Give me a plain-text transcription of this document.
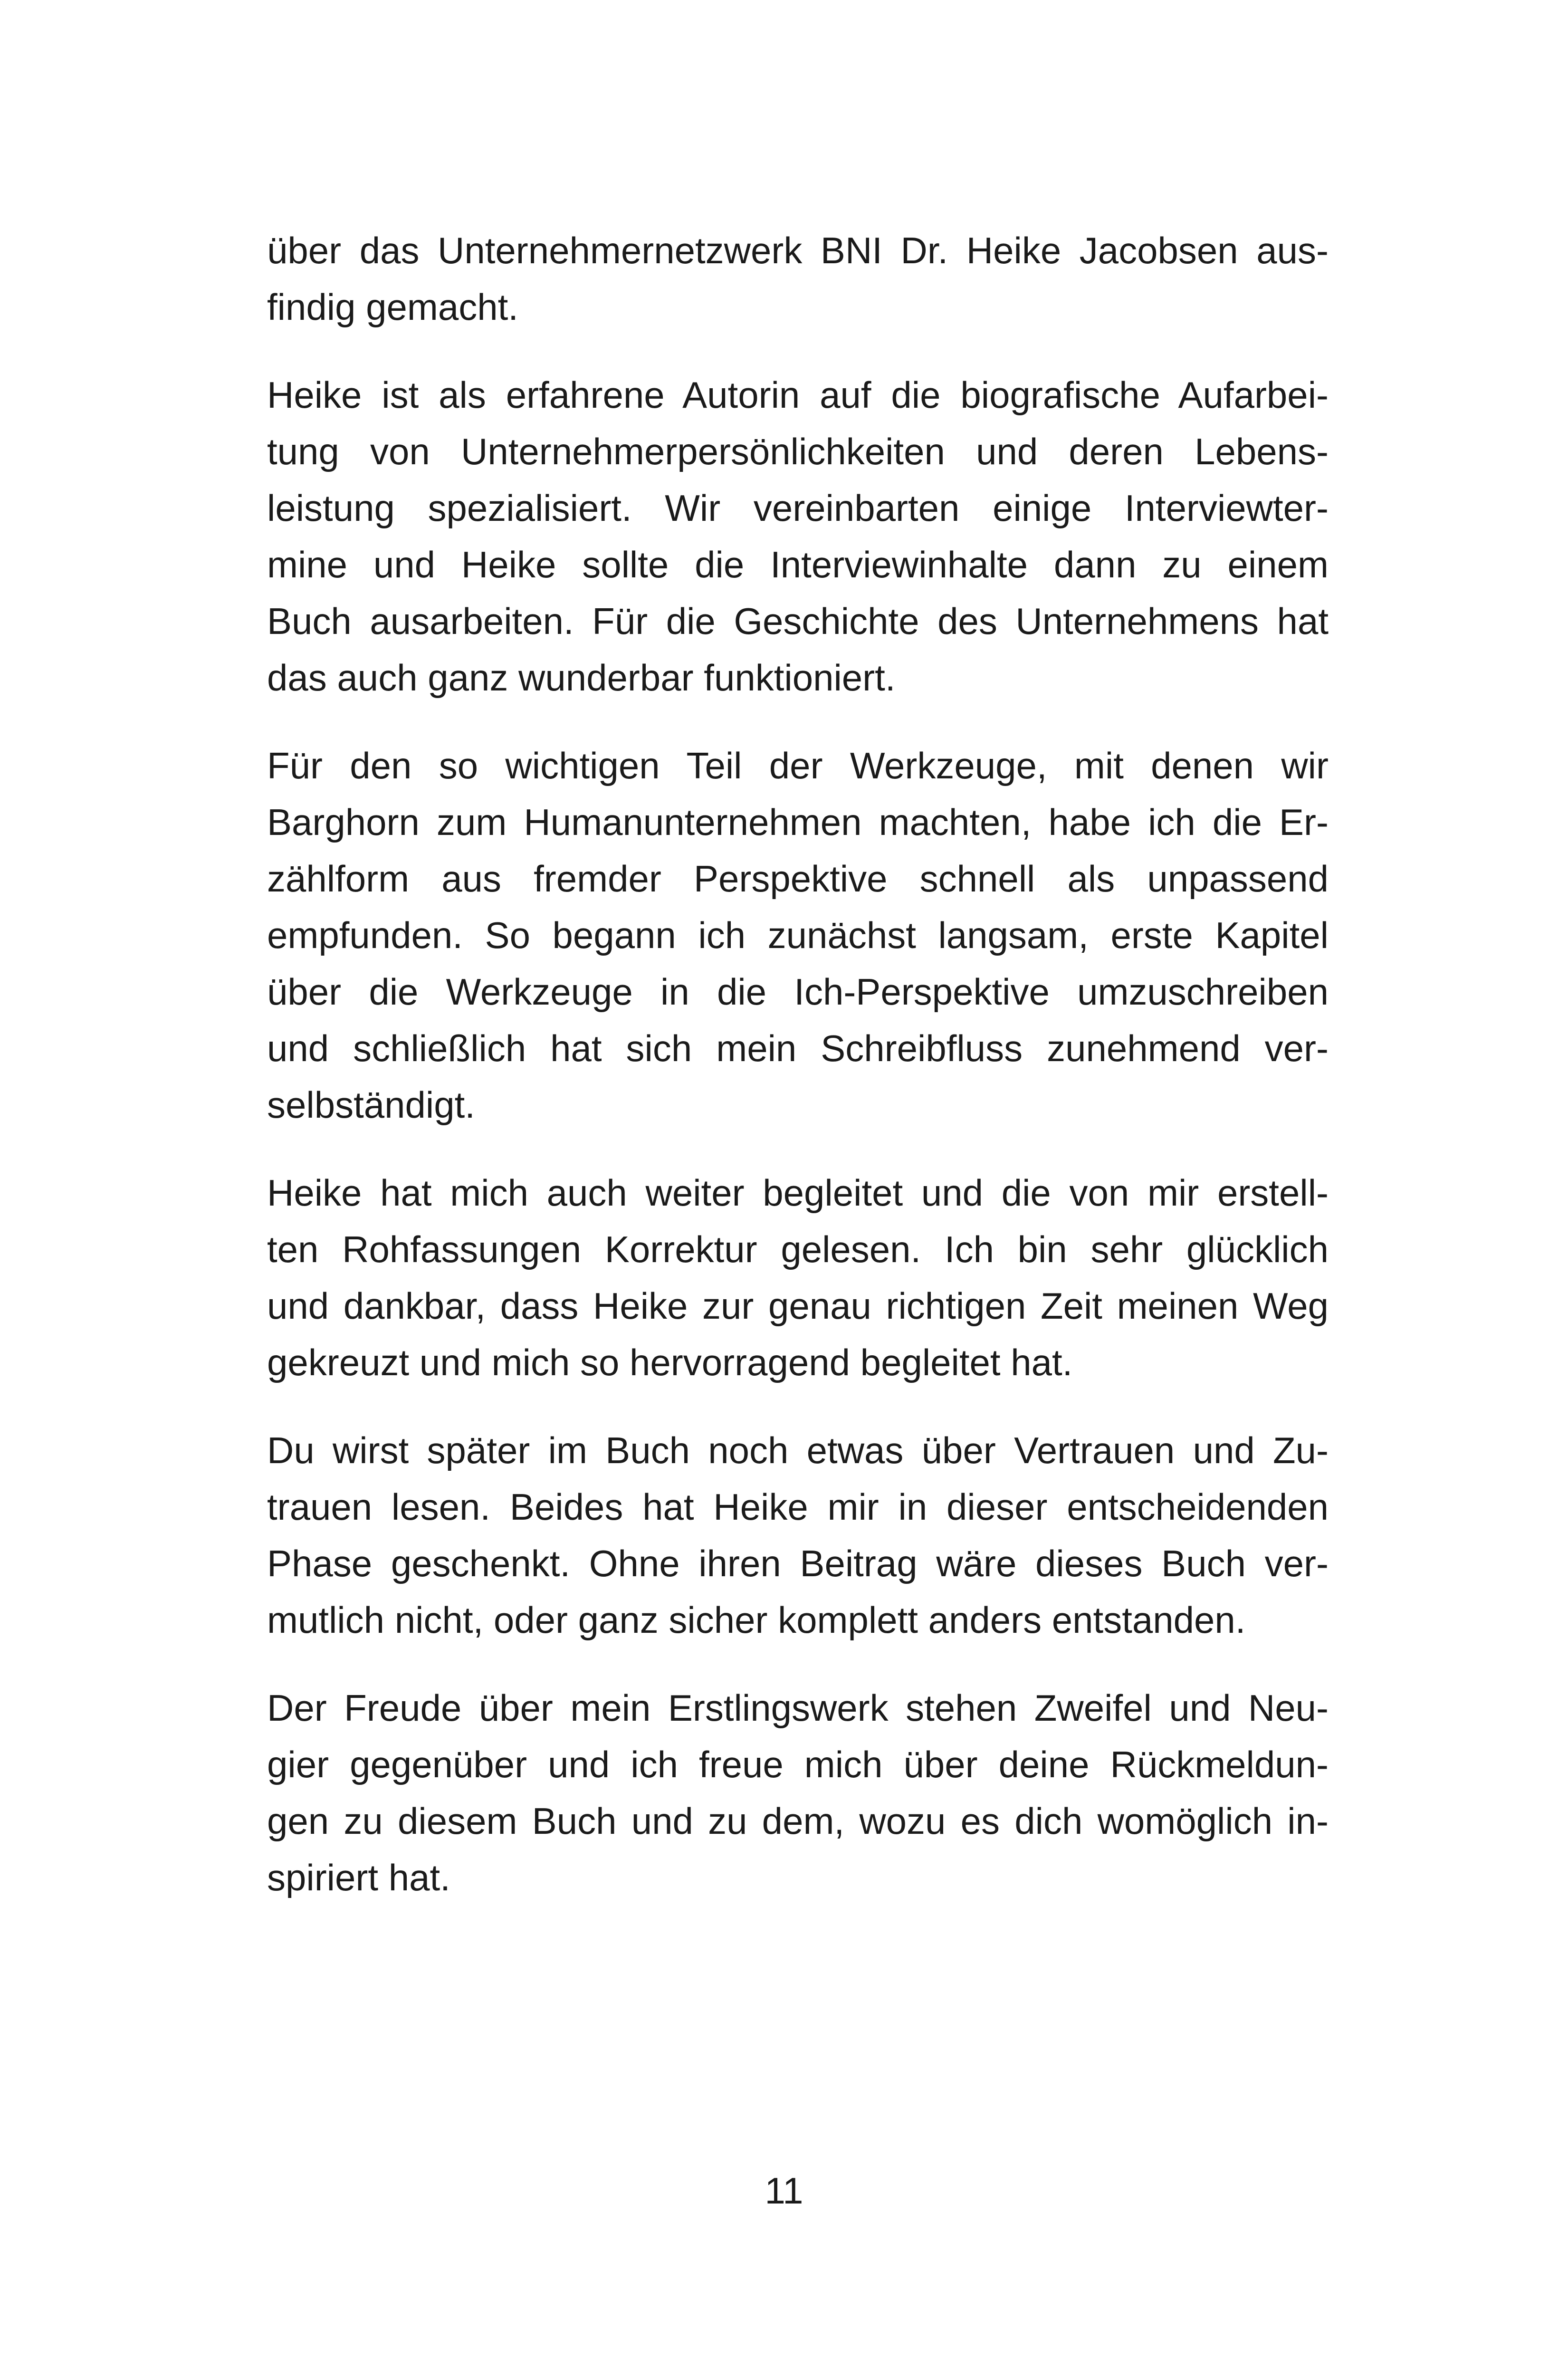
über das Unternehmernetzwerk BNI Dr. Heike Jacobsen aus-
findig gemacht.

Heike ist als erfahrene Autorin auf die biografische Aufarbei-
tung von Unternehmerpersönlichkeiten und deren Lebens-
leistung spezialisiert. Wir vereinbarten einige Interviewter-
mine und Heike sollte die Interviewinhalte dann zu einem
Buch ausarbeiten. Für die Geschichte des Unternehmens hat
das auch ganz wunderbar funktioniert.

Für den so wichtigen Teil der Werkzeuge, mit denen wir
Barghorn zum Humanunternehmen machten, habe ich die Er-
zählform aus fremder Perspektive schnell als unpassend
empfunden. So begann ich zunächst langsam, erste Kapitel
über die Werkzeuge in die Ich-Perspektive umzuschreiben
und schließlich hat sich mein Schreibfluss zunehmend ver-
selbständigt.

Heike hat mich auch weiter begleitet und die von mir erstell-
ten Rohfassungen Korrektur gelesen. Ich bin sehr glücklich
und dankbar, dass Heike zur genau richtigen Zeit meinen Weg
gekreuzt und mich so hervorragend begleitet hat.

Du wirst später im Buch noch etwas über Vertrauen und Zu-
trauen lesen. Beides hat Heike mir in dieser entscheidenden
Phase geschenkt. Ohne ihren Beitrag wäre dieses Buch ver-
mutlich nicht, oder ganz sicher komplett anders entstanden.

Der Freude über mein Erstlingswerk stehen Zweifel und Neu-
gier gegenüber und ich freue mich über deine Rückmeldun-
gen zu diesem Buch und zu dem, wozu es dich womöglich in-
spiriert hat.

11
